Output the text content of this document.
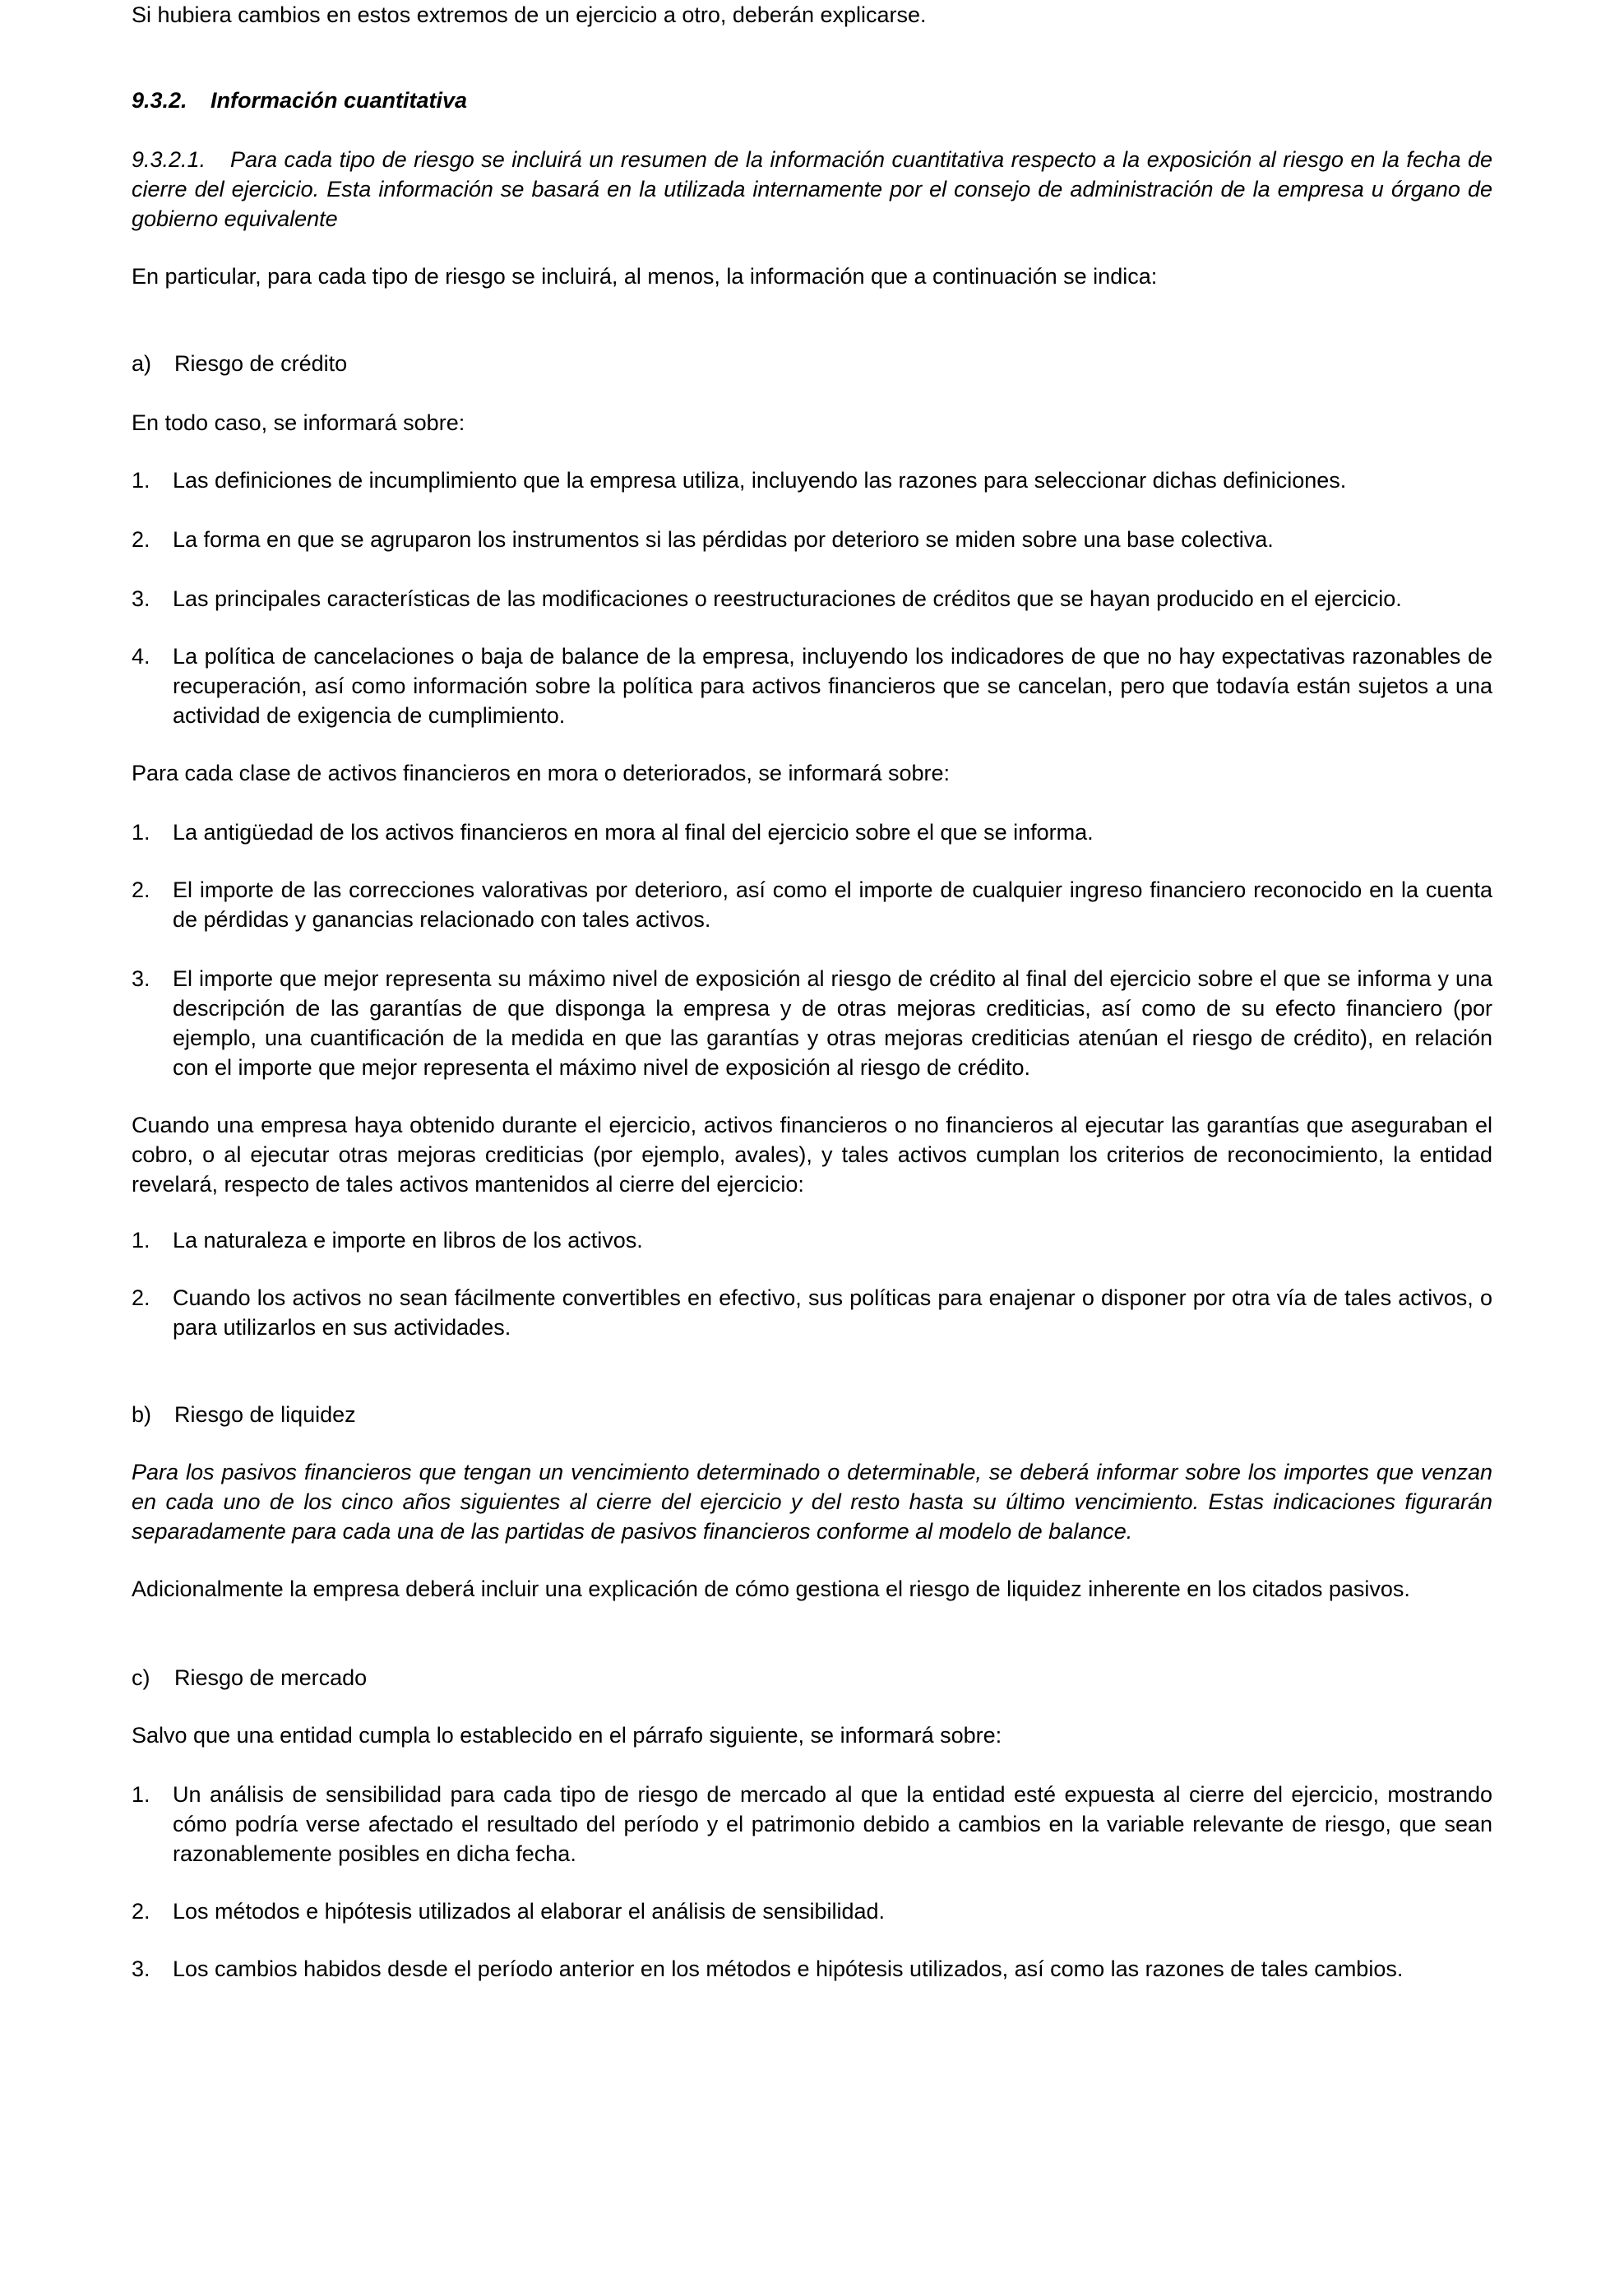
Si hubiera cambios en estos extremos de un ejercicio a otro, deberán explicarse.

9.3.2. Información cuantitativa

9.3.2.1. Para cada tipo de riesgo se incluirá un resumen de la información cuantitativa respecto a la exposición al riesgo en la fecha de cierre del ejercicio. Esta información se basará en la utilizada internamente por el consejo de administración de la empresa u órgano de gobierno equivalente

En particular, para cada tipo de riesgo se incluirá, al menos, la información que a continuación se indica:

a) Riesgo de crédito

En todo caso, se informará sobre:

1.	Las definiciones de incumplimiento que la empresa utiliza, incluyendo las razones para seleccionar dichas definiciones.

2.	La forma en que se agruparon los instrumentos si las pérdidas por deterioro se miden sobre una base colectiva.

3.	Las principales características de las modificaciones o reestructuraciones de créditos que se hayan producido en el ejercicio.

4.	La política de cancelaciones o baja de balance de la empresa, incluyendo los indicadores de que no hay expectativas razonables de recuperación, así como información sobre la política para activos financieros que se cancelan, pero que todavía están sujetos a una actividad de exigencia de cumplimiento.

Para cada clase de activos financieros en mora o deteriorados, se informará sobre:

1.	La antigüedad de los activos financieros en mora al final del ejercicio sobre el que se informa.

2.	El importe de las correcciones valorativas por deterioro, así como el importe de cualquier ingreso financiero reconocido en la cuenta de pérdidas y ganancias relacionado con tales activos.

3.	El importe que mejor representa su máximo nivel de exposición al riesgo de crédito al final del ejercicio sobre el que se informa y una descripción de las garantías de que disponga la empresa y de otras mejoras crediticias, así como de su efecto financiero (por ejemplo, una cuantificación de la medida en que las garantías y otras mejoras crediticias atenúan el riesgo de crédito), en relación con el importe que mejor representa el máximo nivel de exposición al riesgo de crédito.

Cuando una empresa haya obtenido durante el ejercicio, activos financieros o no financieros al ejecutar las garantías que aseguraban el cobro, o al ejecutar otras mejoras crediticias (por ejemplo, avales), y tales activos cumplan los criterios de reconocimiento, la entidad revelará, respecto de tales activos mantenidos al cierre del ejercicio:

1.	La naturaleza e importe en libros de los activos.

2.	Cuando los activos no sean fácilmente convertibles en efectivo, sus políticas para enajenar o disponer por otra vía de tales activos, o para utilizarlos en sus actividades.

b) Riesgo de liquidez

Para los pasivos financieros que tengan un vencimiento determinado o determinable, se deberá informar sobre los importes que venzan en cada uno de los cinco años siguientes al cierre del ejercicio y del resto hasta su último vencimiento. Estas indicaciones figurarán separadamente para cada una de las partidas de pasivos financieros conforme al modelo de balance.

Adicionalmente la empresa deberá incluir una explicación de cómo gestiona el riesgo de liquidez inherente en los citados pasivos.

c) Riesgo de mercado

Salvo que una entidad cumpla lo establecido en el párrafo siguiente, se informará sobre:

1.	Un análisis de sensibilidad para cada tipo de riesgo de mercado al que la entidad esté expuesta al cierre del ejercicio, mostrando cómo podría verse afectado el resultado del período y el patrimonio debido a cambios en la variable relevante de riesgo, que sean razonablemente posibles en dicha fecha.

2.	Los métodos e hipótesis utilizados al elaborar el análisis de sensibilidad.

3.	Los cambios habidos desde el período anterior en los métodos e hipótesis utilizados, así como las razones de tales cambios.
